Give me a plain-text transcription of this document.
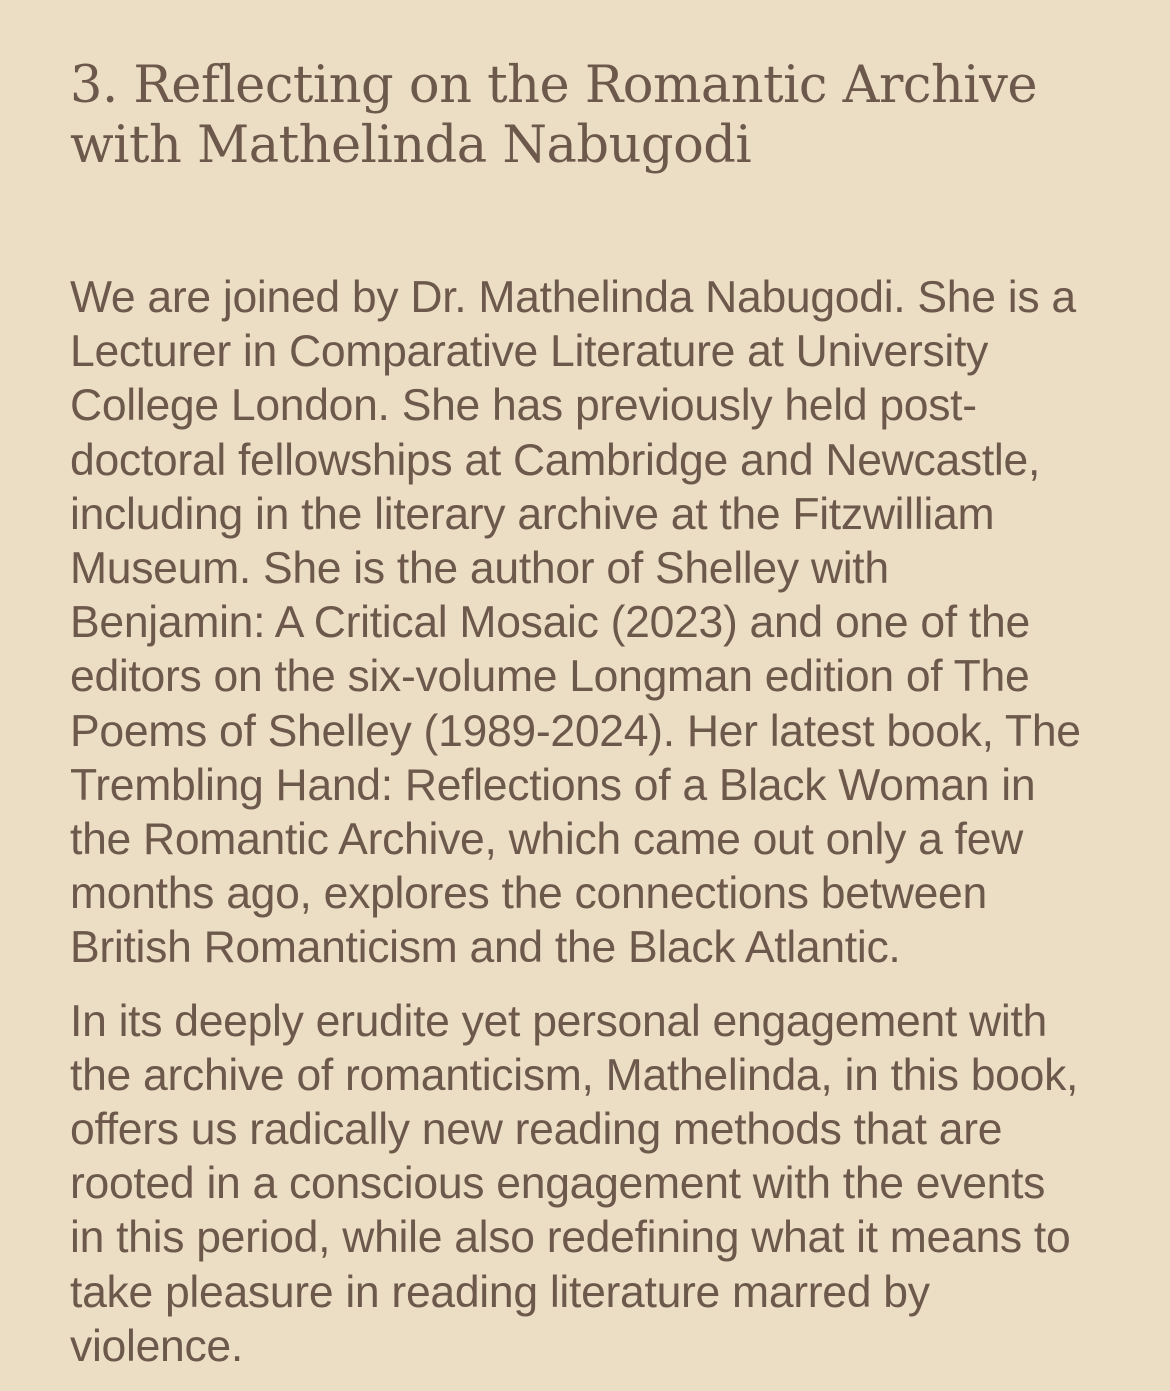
3. Reflecting on the Romantic Archive
with Mathelinda Nabugodi

We are joined by Dr. Mathelinda Nabugodi. She is a
Lecturer in Comparative Literature at University
College London. She has previously held post-
doctoral fellowships at Cambridge and Newcastle,
including in the literary archive at the Fitzwilliam
Museum. She is the author of Shelley with
Benjamin: A Critical Mosaic (2023) and one of the
editors on the six-volume Longman edition of The
Poems of Shelley (1989-2024). Her latest book, The
Trembling Hand: Reflections of a Black Woman in
the Romantic Archive, which came out only a few
months ago, explores the connections between
British Romanticism and the Black Atlantic.

In its deeply erudite yet personal engagement with
the archive of romanticism, Mathelinda, in this book,
offers us radically new reading methods that are
rooted in a conscious engagement with the events
in this period, while also redefining what it means to
take pleasure in reading literature marred by
violence.
